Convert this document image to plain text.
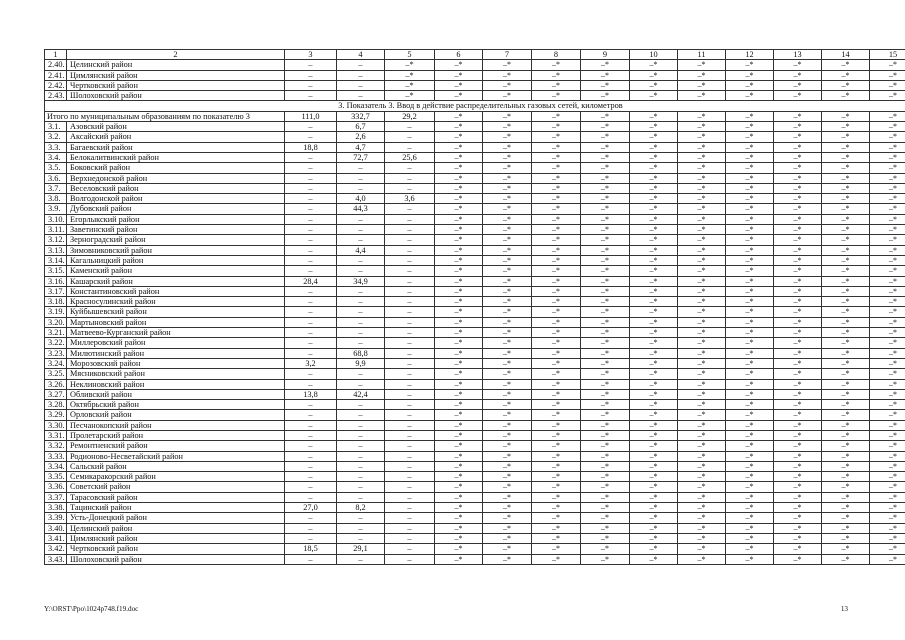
1	2	3	4	5	6	7	8	9	10	11	12	13	14	15
2.40.	Целинский район	–	–	–*	–*	–*	–*	–*	–*	–*	–*	–*	–*	–*
2.41.	Цимлянский район	–	–	–*	–*	–*	–*	–*	–*	–*	–*	–*	–*	–*
2.42.	Чертковский район	–	–	–*	–*	–*	–*	–*	–*	–*	–*	–*	–*	–*
2.43.	Шолоховский район	–	–	–*	–*	–*	–*	–*	–*	–*	–*	–*	–*	–*
3. Показатель 3. Ввод в действие распределительных газовых сетей, километров														
Итого по муниципальным образованиям по показателю 3		111,0	332,7	29,2	–*	–*	–*	–*	–*	–*	–*	–*	–*	–*
3.1.	Азовский район	–	6,7	–	–*	–*	–*	–*	–*	–*	–*	–*	–*	–*
3.2.	Аксайский район	–	2,6	–	–*	–*	–*	–*	–*	–*	–*	–*	–*	–*
3.3.	Багаевский район	18,8	4,7	–	–*	–*	–*	–*	–*	–*	–*	–*	–*	–*
3.4.	Белокалитвинский район	–	72,7	25,6	–*	–*	–*	–*	–*	–*	–*	–*	–*	–*
3.5.	Боковский район	–	–	–	–*	–*	–*	–*	–*	–*	–*	–*	–*	–*
3.6.	Верхнедонской район	–	–	–	–*	–*	–*	–*	–*	–*	–*	–*	–*	–*
3.7.	Веселовский район	–	–	–	–*	–*	–*	–*	–*	–*	–*	–*	–*	–*
3.8.	Волгодонской район	–	4,0	3,6	–*	–*	–*	–*	–*	–*	–*	–*	–*	–*
3.9.	Дубовский район	–	44,3	–	–*	–*	–*	–*	–*	–*	–*	–*	–*	–*
3.10.	Егорлыкский район	–	–	–	–*	–*	–*	–*	–*	–*	–*	–*	–*	–*
3.11.	Заветинский район	–	–	–	–*	–*	–*	–*	–*	–*	–*	–*	–*	–*
3.12.	Зерноградский район	–	–	–	–*	–*	–*	–*	–*	–*	–*	–*	–*	–*
3.13.	Зимовниковский район	–	4,4	–	–*	–*	–*	–*	–*	–*	–*	–*	–*	–*
3.14.	Кагальницкий район	–	–	–	–*	–*	–*	–*	–*	–*	–*	–*	–*	–*
3.15.	Каменский район	–	–	–	–*	–*	–*	–*	–*	–*	–*	–*	–*	–*
3.16.	Кашарский район	28,4	34,9	–	–*	–*	–*	–*	–*	–*	–*	–*	–*	–*
3.17.	Константиновский район	–	–	–	–*	–*	–*	–*	–*	–*	–*	–*	–*	–*
3.18.	Красносулинский район	–	–	–	–*	–*	–*	–*	–*	–*	–*	–*	–*	–*
3.19.	Куйбышевский район	–	–	–	–*	–*	–*	–*	–*	–*	–*	–*	–*	–*
3.20.	Мартыновский район	–	–	–	–*	–*	–*	–*	–*	–*	–*	–*	–*	–*
3.21.	Матвеево-Курганский район	–	–	–	–*	–*	–*	–*	–*	–*	–*	–*	–*	–*
3.22.	Миллеровский район	–	–	–	–*	–*	–*	–*	–*	–*	–*	–*	–*	–*
3.23.	Милютинский район	–	68,8	–	–*	–*	–*	–*	–*	–*	–*	–*	–*	–*
3.24.	Морозовский район	3,2	9,9	–	–*	–*	–*	–*	–*	–*	–*	–*	–*	–*
3.25.	Мясниковский район	–	–	–	–*	–*	–*	–*	–*	–*	–*	–*	–*	–*
3.26.	Неклиновский район	–	–	–	–*	–*	–*	–*	–*	–*	–*	–*	–*	–*
3.27.	Обливский район	13,8	42,4	–	–*	–*	–*	–*	–*	–*	–*	–*	–*	–*
3.28.	Октябрьский район	–	–	–	–*	–*	–*	–*	–*	–*	–*	–*	–*	–*
3.29.	Орловский район	–	–	–	–*	–*	–*	–*	–*	–*	–*	–*	–*	–*
3.30.	Песчанокопский район	–	–	–	–*	–*	–*	–*	–*	–*	–*	–*	–*	–*
3.31.	Пролетарский район	–	–	–	–*	–*	–*	–*	–*	–*	–*	–*	–*	–*
3.32.	Ремонтненский район	–	–	–	–*	–*	–*	–*	–*	–*	–*	–*	–*	–*
3.33.	Родионово-Несветайский район	–	–	–	–*	–*	–*	–*	–*	–*	–*	–*	–*	–*
3.34.	Сальский район	–	–	–	–*	–*	–*	–*	–*	–*	–*	–*	–*	–*
3.35.	Семикаракорский район	–	–	–	–*	–*	–*	–*	–*	–*	–*	–*	–*	–*
3.36.	Советский район	–	–	–	–*	–*	–*	–*	–*	–*	–*	–*	–*	–*
3.37.	Тарасовский район	–	–	–	–*	–*	–*	–*	–*	–*	–*	–*	–*	–*
3.38.	Тацинский район	27,0	8,2	–	–*	–*	–*	–*	–*	–*	–*	–*	–*	–*
3.39.	Усть-Донецкий район	–	–	–	–*	–*	–*	–*	–*	–*	–*	–*	–*	–*
3.40.	Целинский район	–	–	–	–*	–*	–*	–*	–*	–*	–*	–*	–*	–*
3.41.	Цимлянский район	–	–	–	–*	–*	–*	–*	–*	–*	–*	–*	–*	–*
3.42.	Чертковский район	18,5	29,1	–	–*	–*	–*	–*	–*	–*	–*	–*	–*	–*
3.43.	Шолоховский район	–	–	–	–*	–*	–*	–*	–*	–*	–*	–*	–*	–*
Y:\ORST\Ppo\1024p748.f19.doc	13
